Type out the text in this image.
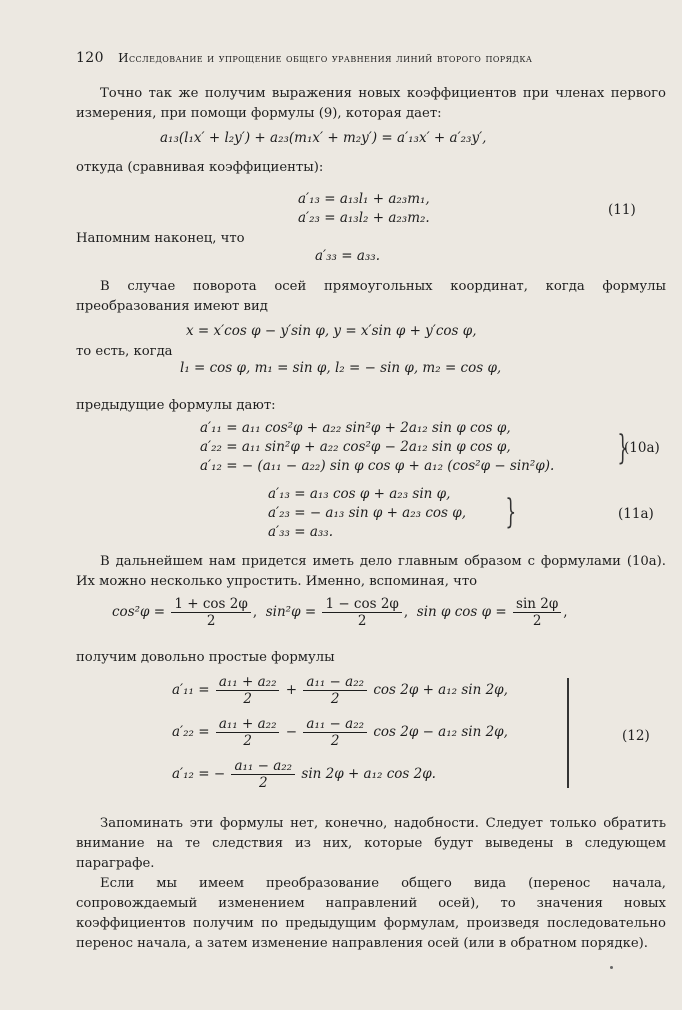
120 Исследование и упрощение общего уравнения линий второго порядка
Точно так же получим выражения новых коэффициентов при членах первого измерения, при помощи формулы (9), которая дает:
a₁₃(l₁x′ + l₂y′) + a₂₃(m₁x′ + m₂y′) = a′₁₃x′ + a′₂₃y′,
откуда (сравнивая коэффициенты):
a′₁₃ = a₁₃l₁ + a₂₃m₁,
a′₂₃ = a₁₃l₂ + a₂₃m₂.	(11)
Напомним наконец, что
a′₃₃ = a₃₃.
В случае поворота осей прямоугольных координат, когда формулы преобразования имеют вид
x = x′cos φ − y′sin φ, y = x′sin φ + y′cos φ,
то есть, когда
l₁ = cos φ, m₁ = sin φ, l₂ = − sin φ, m₂ = cos φ,
предыдущие формулы дают:
a′₁₁ = a₁₁ cos²φ + a₂₂ sin²φ + 2a₁₂ sin φ cos φ,
a′₂₂ = a₁₁ sin²φ + a₂₂ cos²φ − 2a₁₂ sin φ cos φ,
a′₁₂ = − (a₁₁ − a₂₂) sin φ cos φ + a₁₂ (cos²φ − sin²φ). }
(10а)
a′₁₃ = a₁₃ cos φ + a₂₃ sin φ,
a′₂₃ = − a₁₃ sin φ + a₂₃ cos φ,
a′₃₃ = a₃₃.	}	(11а)
В дальнейшем нам придется иметь дело главным образом с формулами (10а). Их можно несколько упростить. Именно, вспоминая, что
$\cos^2\varphi = \frac{1 + \cos 2\varphi}{2}$ , $\sin^2\varphi = \frac{1 - \cos 2\varphi}{2}$ , sin φ $\cos \varphi = \frac{\sin 2\varphi}{2}$ ,
получим довольно простые формулы
$a'_{11} = \frac{\text{a₁₁ + a₂₂}}{2} + \frac{\text{a₁₁ − a₂₂}}{2}$ cos 2φ + a₁₂ sin 2φ,
$a'_{22} = \frac{\text{a₁₁ + a₂₂}}{2} - \frac{\text{a₁₁ − a₂₂}}{2}$ cos 2φ − a₁₂ sin 2φ,
a′₁₂ = − $\frac{\text{a₁₁ − a₂₂}}{2}$ sin 2φ + a₁₂ cos 2φ.
(12)
Запоминать эти формулы нет, конечно, надобности. Следует только обратить внимание на те следствия из них, которые будут выведены в следующем параграфе.
Если мы имеем преобразование общего вида (перенос начала, сопровождаемый изменением направлений осей), то значения новых коэффициентов получим по предыдущим формулам, произведя последовательно перенос начала, а затем изменение направления осей (или в обратном порядке).
